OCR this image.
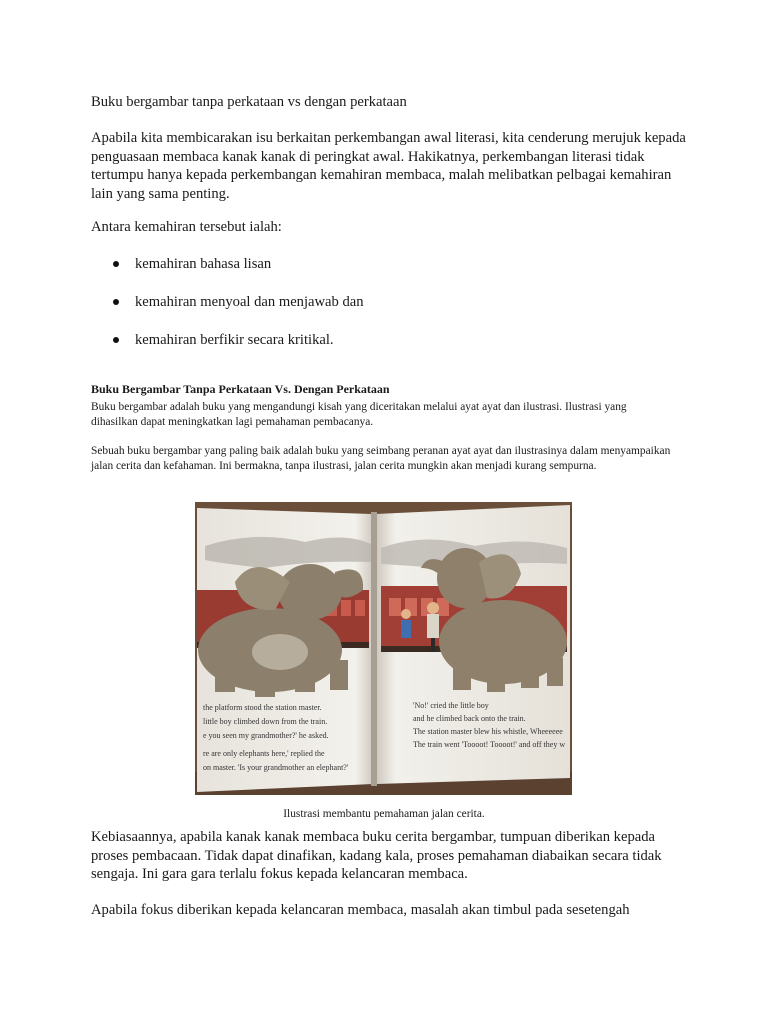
Buku bergambar tanpa perkataan vs dengan perkataan

Apabila kita membicarakan isu berkaitan perkembangan awal literasi, kita cenderung merujuk kepada penguasaan membaca kanak kanak di peringkat awal. Hakikatnya, perkembangan literasi tidak tertumpu hanya kepada perkembangan kemahiran membaca, malah melibatkan pelbagai kemahiran lain yang sama penting.

Antara kemahiran tersebut ialah:

kemahiran bahasa lisan
kemahiran menyoal dan menjawab dan
kemahiran berfikir secara kritikal.

Buku Bergambar Tanpa Perkataan Vs. Dengan Perkataan

Buku bergambar adalah buku yang mengandungi kisah yang diceritakan melalui ayat ayat dan ilustrasi. Ilustrasi yang dihasilkan dapat meningkatkan lagi pemahaman pembacanya.

Sebuah buku bergambar yang paling baik adalah buku yang seimbang peranan ayat ayat dan ilustrasinya dalam menyampaikan jalan cerita dan kefahaman. Ini bermakna, tanpa ilustrasi, jalan cerita mungkin akan menjadi kurang sempurna.

the platform stood the station master.
little boy climbed down from the train.
e you seen my grandmother?' he asked.
re are only elephants here,' replied the
on master. 'Is your grandmother an elephant?'
'No!' cried the little boy
and he climbed back onto the train.
The station master blew his whistle, Wheeeeee
The train went 'Toooot! Toooot!' and off they w

Ilustrasi membantu pemahaman jalan cerita.

Kebiasaannya, apabila kanak kanak membaca buku cerita bergambar, tumpuan diberikan kepada proses pembacaan. Tidak dapat dinafikan, kadang kala, proses pemahaman diabaikan secara tidak sengaja. Ini gara gara terlalu fokus kepada kelancaran membaca.

Apabila fokus diberikan kepada kelancaran membaca, masalah akan timbul pada sesetengah
